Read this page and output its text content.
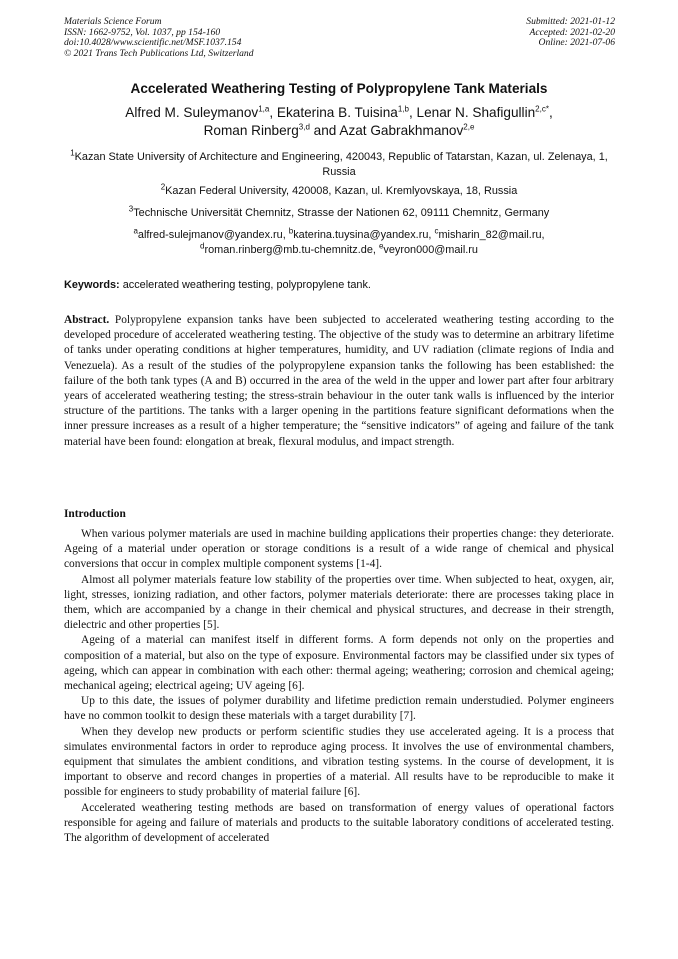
Materials Science Forum
ISSN: 1662-9752, Vol. 1037, pp 154-160
doi:10.4028/www.scientific.net/MSF.1037.154
© 2021 Trans Tech Publications Ltd, Switzerland
Submitted: 2021-01-12
Accepted: 2021-02-20
Online: 2021-07-06
Accelerated Weathering Testing of Polypropylene Tank Materials
Alfred M. Suleymanov$^{1,a}$, Ekaterina B. Tuisina$^{1,b}$, Lenar N. Shafigullin$^{2,c*}$,
Roman Rinberg$^{3,d}$ and Azat Gabrakhmanov$^{2,e}$
$^1$Kazan State University of Architecture and Engineering, 420043, Republic of Tatarstan, Kazan, ul. Zelenaya, 1, Russia
$^2$Kazan Federal University, 420008, Kazan, ul. Kremlyovskaya, 18, Russia
$^3$Technische Universität Chemnitz, Strasse der Nationen 62, 09111 Chemnitz, Germany
$^a$alfred-sulejmanov@yandex.ru, $^b$katerina.tuysina@yandex.ru, $^c$misharin_82@mail.ru,
$^d$roman.rinberg@mb.tu-chemnitz.de, $^e$veyron000@mail.ru
Keywords: accelerated weathering testing, polypropylene tank.
Abstract. Polypropylene expansion tanks have been subjected to accelerated weathering testing according to the developed procedure of accelerated weathering testing. The objective of the study was to determine an arbitrary lifetime of tanks under operating conditions at higher temperatures, humidity, and UV radiation (climate regions of India and Venezuela). As a result of the studies of the polypropylene expansion tanks the following has been established: the failure of the both tank types (A and B) occurred in the area of the weld in the upper and lower part after four arbitrary years of accelerated weathering testing; the stress-strain behaviour in the outer tank walls is influenced by the interior structure of the partitions. The tanks with a larger opening in the partitions feature significant deformations when the inner pressure increases as a result of a higher temperature; the “sensitive indicators” of ageing and failure of the tank material have been found: elongation at break, flexural modulus, and impact strength.
Introduction

When various polymer materials are used in machine building applications their properties change: they deteriorate. Ageing of a material under operation or storage conditions is a result of a wide range of chemical and physical conversions that occur in complex multiple component systems [1-4].

Almost all polymer materials feature low stability of the properties over time. When subjected to heat, oxygen, air, light, stresses, ionizing radiation, and other factors, polymer materials deteriorate: there are processes taking place in them, which are accompanied by a change in their chemical and physical structures, and decrease in their strength, dielectric and other properties [5].

Ageing of a material can manifest itself in different forms. A form depends not only on the properties and composition of a material, but also on the type of exposure. Environmental factors may be classified under six types of ageing, which can appear in combination with each other: thermal ageing; weathering; corrosion and chemical ageing; mechanical ageing; electrical ageing; UV ageing [6].

Up to this date, the issues of polymer durability and lifetime prediction remain understudied. Polymer engineers have no common toolkit to design these materials with a target durability [7].

When they develop new products or perform scientific studies they use accelerated ageing. It is a process that simulates environmental factors in order to reproduce aging process. It involves the use of environmental chambers, equipment that simulates the ambient conditions, and vibration testing systems. In the course of development, it is important to observe and record changes in properties of a material. All results have to be reproducible to make it possible for engineers to study probability of material failure [6].

Accelerated weathering testing methods are based on transformation of energy values of operational factors responsible for ageing and failure of materials and products to the suitable laboratory conditions of accelerated testing. The algorithm of development of accelerated
